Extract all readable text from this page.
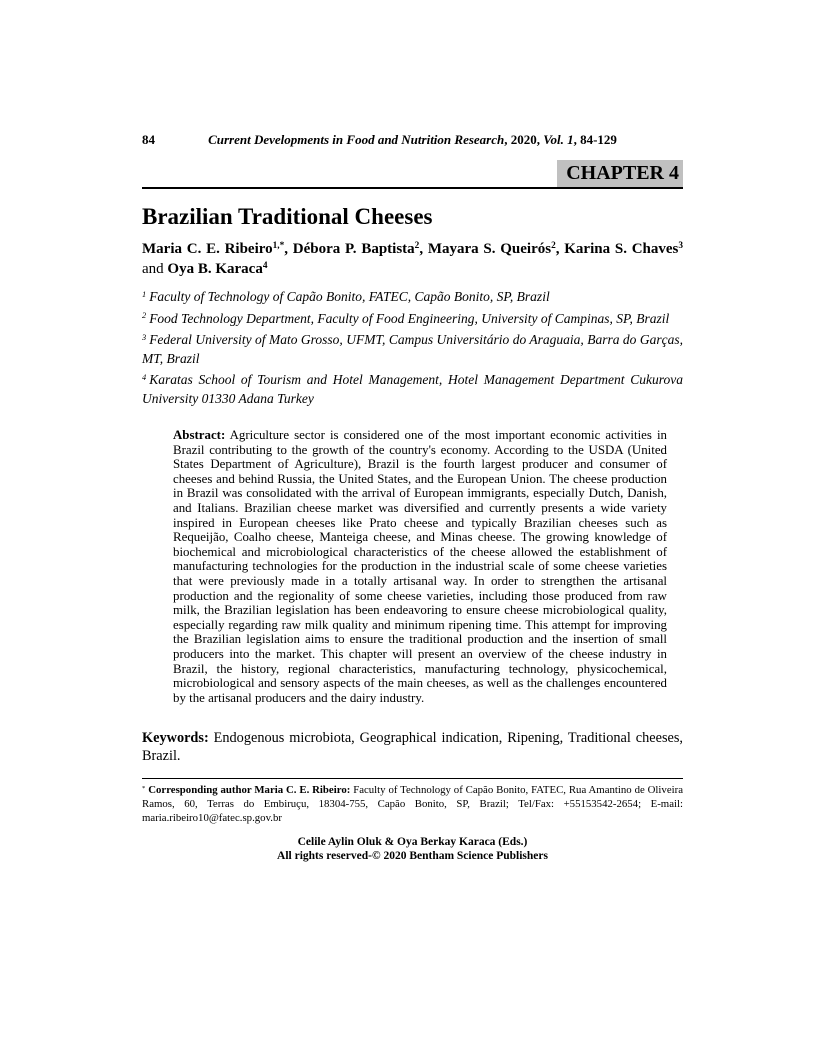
84	Current Developments in Food and Nutrition Research, 2020, Vol. 1, 84-129
CHAPTER 4
Brazilian Traditional Cheeses

Maria C. E. Ribeiro$^{1,*}$, Débora P. Baptista$^2$, Mayara S. Queirós$^2$, Karina S. Chaves$^3$ and Oya B. Karaca$^4$

$^1$ Faculty of Technology of Capão Bonito, FATEC, Capão Bonito, SP, Brazil

$^2$ Food Technology Department, Faculty of Food Engineering, University of Campinas, SP, Brazil

$^3$ Federal University of Mato Grosso, UFMT, Campus Universitário do Araguaia, Barra do Garças, MT, Brazil

$^4$ Karatas School of Tourism and Hotel Management, Hotel Management Department Cukurova University 01330 Adana Turkey

Abstract: Agriculture sector is considered one of the most important economic activities in Brazil contributing to the growth of the country's economy. According to the USDA (United States Department of Agriculture), Brazil is the fourth largest producer and consumer of cheeses and behind Russia, the United States, and the European Union. The cheese production in Brazil was consolidated with the arrival of European immigrants, especially Dutch, Danish, and Italians. Brazilian cheese market was diversified and currently presents a wide variety inspired in European cheeses like Prato cheese and typically Brazilian cheeses such as Requeijão, Coalho cheese, Manteiga cheese, and Minas cheese. The growing knowledge of biochemical and microbiological characteristics of the cheese allowed the establishment of manufacturing technologies for the production in the industrial scale of some cheese varieties that were previously made in a totally artisanal way. In order to strengthen the artisanal production and the regionality of some cheese varieties, including those produced from raw milk, the Brazilian legislation has been endeavoring to ensure cheese microbiological quality, especially regarding raw milk quality and minimum ripening time. This attempt for improving the Brazilian legislation aims to ensure the traditional production and the insertion of small producers into the market. This chapter will present an overview of the cheese industry in Brazil, the history, regional characteristics, manufacturing technology, physicochemical, microbiological and sensory aspects of the main cheeses, as well as the challenges encountered by the artisanal producers and the dairy industry.

Keywords: Endogenous microbiota, Geographical indication, Ripening, Traditional cheeses, Brazil.

* Corresponding author Maria C. E. Ribeiro: Faculty of Technology of Capão Bonito, FATEC, Rua Amantino de Oliveira Ramos, 60, Terras do Embiruçu, 18304-755, Capão Bonito, SP, Brazil; Tel/Fax: +55153542-2654; E-mail: maria.ribeiro10@fatec.sp.gov.br

Celile Aylin Oluk & Oya Berkay Karaca (Eds.)
All rights reserved-© 2020 Bentham Science Publishers
